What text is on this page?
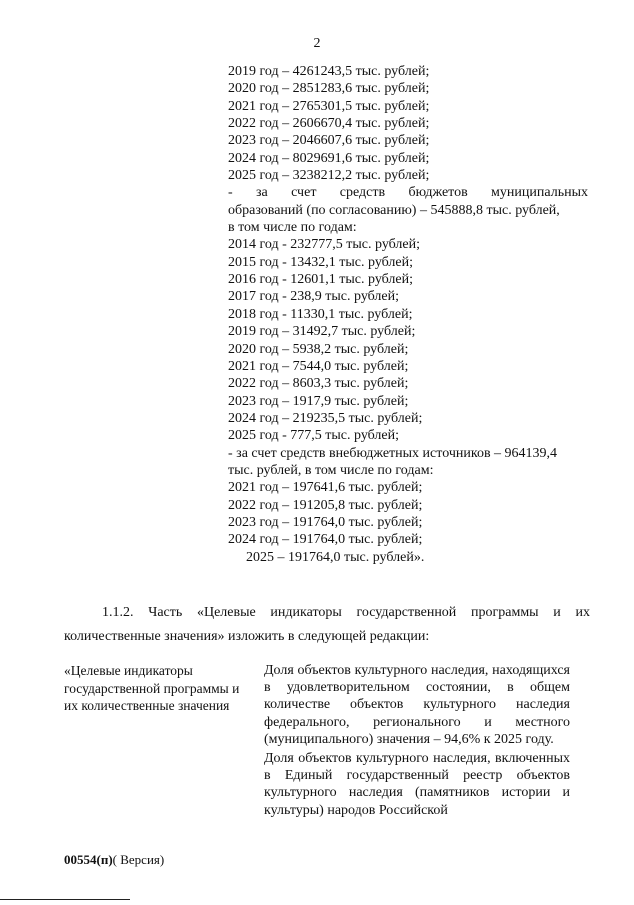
2
2019 год – 4261243,5 тыс. рублей;
2020 год – 2851283,6 тыс. рублей;
2021 год – 2765301,5 тыс. рублей;
2022 год – 2606670,4 тыс. рублей;
2023 год – 2046607,6 тыс. рублей;
2024 год – 8029691,6 тыс. рублей;
2025 год – 3238212,2 тыс. рублей;
- за счет средств бюджетов муниципальных
образований (по согласованию) – 545888,8 тыс. рублей,
в том числе по годам:
2014 год - 232777,5 тыс. рублей;
2015 год - 13432,1 тыс. рублей;
2016 год - 12601,1 тыс. рублей;
2017 год - 238,9 тыс. рублей;
2018 год - 11330,1 тыс. рублей;
2019 год – 31492,7 тыс. рублей;
2020 год – 5938,2 тыс. рублей;
2021 год – 7544,0 тыс. рублей;
2022 год – 8603,3 тыс. рублей;
2023 год – 1917,9 тыс. рублей;
2024 год – 219235,5 тыс. рублей;
2025 год - 777,5 тыс. рублей;
- за счет средств внебюджетных источников – 964139,4
тыс. рублей, в том числе по годам:
2021 год – 197641,6 тыс. рублей;
2022 год – 191205,8 тыс. рублей;
2023 год – 191764,0 тыс. рублей;
2024 год – 191764,0 тыс. рублей;
2025 – 191764,0 тыс. рублей».
1.1.2. Часть «Целевые индикаторы государственной программы и их
количественные значения» изложить в следующей редакции:
«Целевые индикаторы государственной программы и их количественные значения

Доля объектов культурного наследия, находящихся в удовлетворительном состоянии, в общем количестве объектов культурного наследия федерального, регионального и местного (муниципального) значения – 94,6% к 2025 году.

Доля объектов культурного наследия, включенных в Единый государственный реестр объектов культурного наследия (памятников истории и культуры) народов Российской

00554(п)( Версия)
